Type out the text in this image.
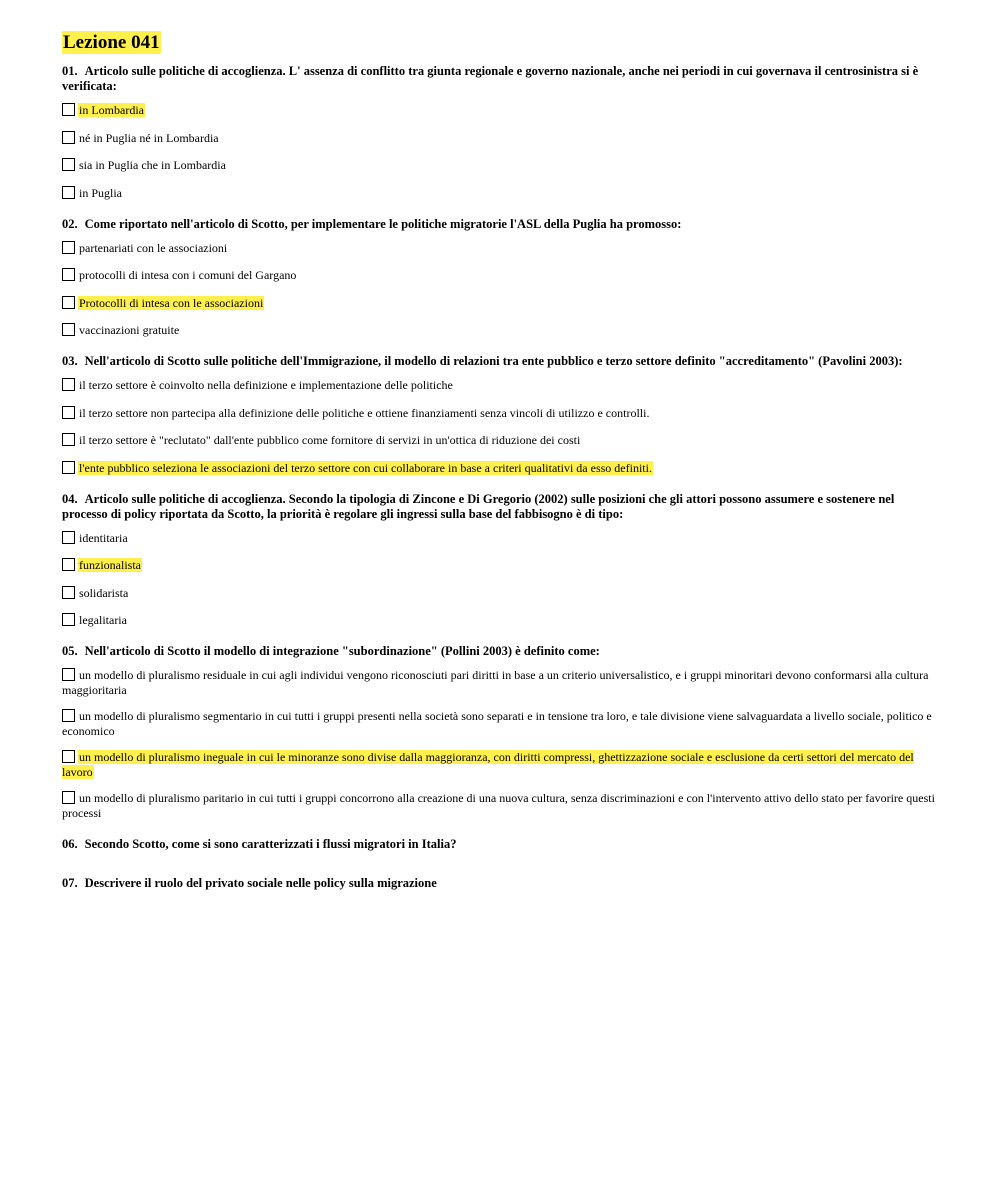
Lezione 041
01. Articolo sulle politiche di accoglienza. L' assenza di conflitto tra giunta regionale e governo nazionale, anche nei periodi in cui governava il centrosinistra si è verificata:
in Lombardia
né in Puglia né in Lombardia
sia in Puglia che in Lombardia
in Puglia
02. Come riportato nell'articolo di Scotto, per implementare le politiche migratorie l'ASL della Puglia ha promosso:
partenariati con le associazioni
protocolli di intesa con i comuni del Gargano
Protocolli di intesa con le associazioni
vaccinazioni gratuite
03. Nell'articolo di Scotto sulle politiche dell'Immigrazione, il modello di relazioni tra ente pubblico e terzo settore definito "accreditamento" (Pavolini 2003):
il terzo settore è coinvolto nella definizione e implementazione delle politiche
il terzo settore non partecipa alla definizione delle politiche e ottiene finanziamenti senza vincoli di utilizzo e controlli.
il terzo settore è "reclutato" dall'ente pubblico come fornitore di servizi in un'ottica di riduzione dei costi
l'ente pubblico seleziona le associazioni del terzo settore con cui collaborare in base a criteri qualitativi da esso definiti.
04. Articolo sulle politiche di accoglienza. Secondo la tipologia di Zincone e Di Gregorio (2002) sulle posizioni che gli attori possono assumere e sostenere nel processo di policy riportata da Scotto, la priorità è regolare gli ingressi sulla base del fabbisogno è di tipo:
identitaria
funzionalista
solidarista
legalitaria
05. Nell'articolo di Scotto il modello di integrazione "subordinazione" (Pollini 2003) è definito come:
un modello di pluralismo residuale in cui agli individui vengono riconosciuti pari diritti in base a un criterio universalistico, e i gruppi minoritari devono conformarsi alla cultura maggioritaria
un modello di pluralismo segmentario in cui tutti i gruppi presenti nella società sono separati e in tensione tra loro, e tale divisione viene salvaguardata a livello sociale, politico e economico
un modello di pluralismo ineguale in cui le minoranze sono divise dalla maggioranza, con diritti compressi, ghettizzazione sociale e esclusione da certi settori del mercato del lavoro
un modello di pluralismo paritario in cui tutti i gruppi concorrono alla creazione di una nuova cultura, senza discriminazioni e con l'intervento attivo dello stato per favorire questi processi
06. Secondo Scotto, come si sono caratterizzati i flussi migratori in Italia?
07. Descrivere il ruolo del privato sociale nelle policy sulla migrazione
